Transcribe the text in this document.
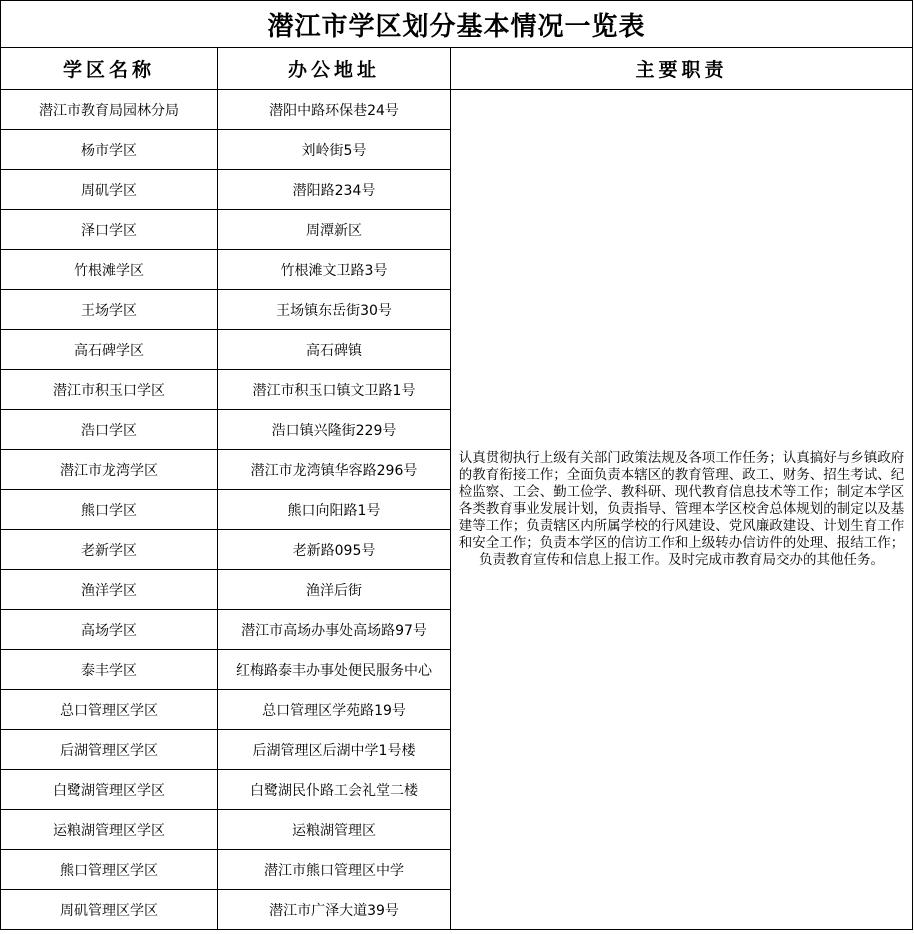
潜江市学区划分基本情况一览表		
学区名称	办公地址	主要职责
潜江市教育局园林分局	潜阳中路环保巷24号	认真贯彻执行上级有关部门政策法规及各项工作任务；认真搞好与乡镇政府的教育衔接工作；全面负责本辖区的教育管理、政工、财务、招生考试、纪检监察、工会、勤工俭学、教科研、现代教育信息技术等工作；制定本学区各类教育事业发展计划，负责指导、管理本学区校舍总体规划的制定以及基建等工作；负责辖区内所属学校的行风建设、党风廉政建设、计划生育工作和安全工作；负责本学区的信访工作和上级转办信访件的处理、报结工作；负责教育宣传和信息上报工作。及时完成市教育局交办的其他任务。
杨市学区	刘岭街5号	
周矶学区	潜阳路234号	
泽口学区	周潭新区	
竹根滩学区	竹根滩文卫路3号	
王场学区	王场镇东岳街30号	
高石碑学区	高石碑镇	
潜江市积玉口学区	潜江市积玉口镇文卫路1号	
浩口学区	浩口镇兴隆街229号	
潜江市龙湾学区	潜江市龙湾镇华容路296号	
熊口学区	熊口向阳路1号	
老新学区	老新路095号	
渔洋学区	渔洋后街	
高场学区	潜江市高场办事处高场路97号	
泰丰学区	红梅路泰丰办事处便民服务中心	
总口管理区学区	总口管理区学苑路19号	
后湖管理区学区	后湖管理区后湖中学1号楼	
白鹭湖管理区学区	白鹭湖民仆路工会礼堂二楼	
运粮湖管理区学区	运粮湖管理区	
熊口管理区学区	潜江市熊口管理区中学	
周矶管理区学区	潜江市广泽大道39号	
